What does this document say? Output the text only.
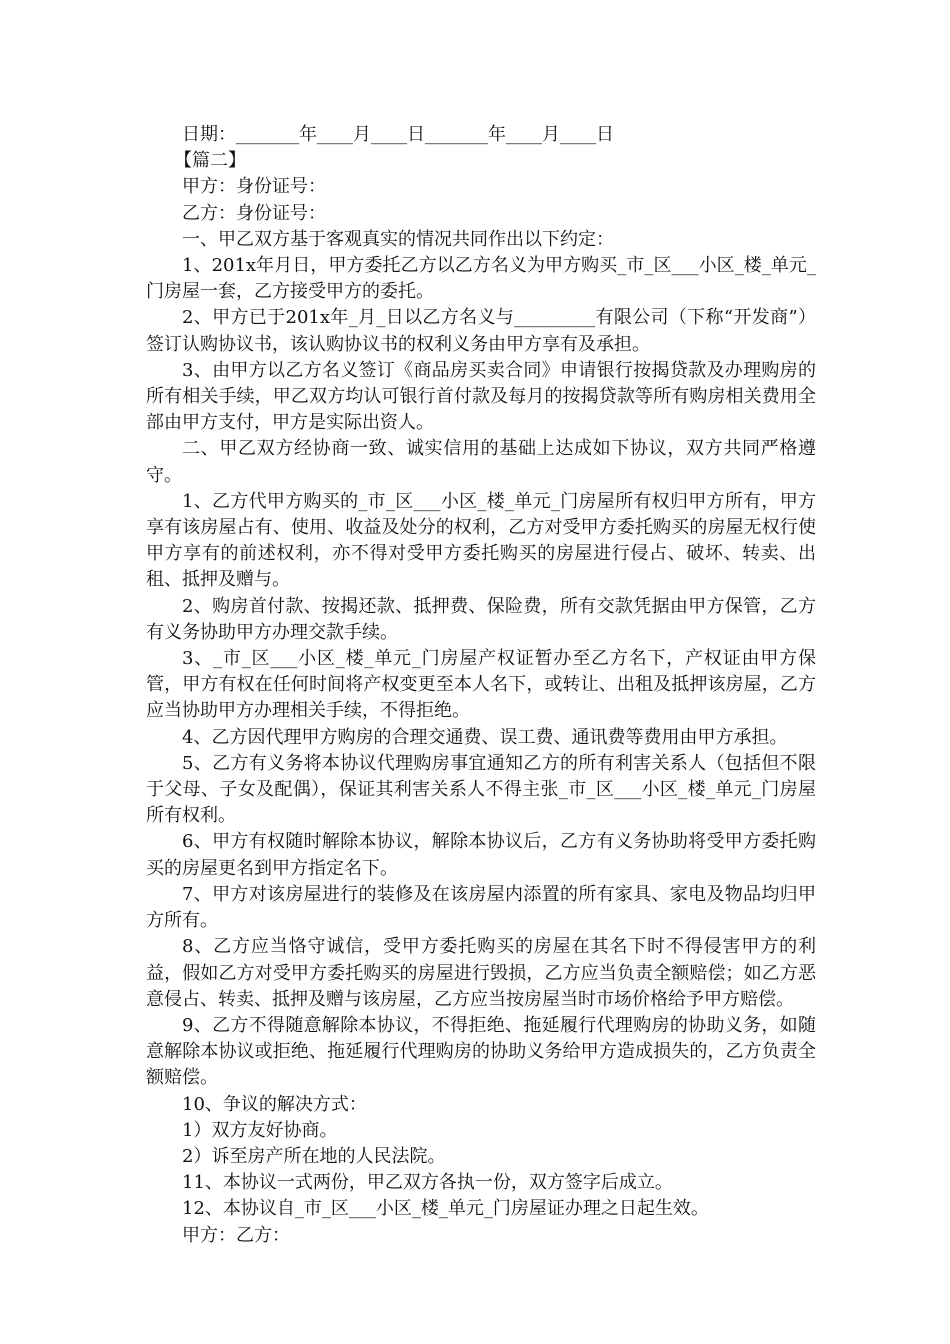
日期：_______年____月____日_______年____月____日

【篇二】

甲方：身份证号：

乙方：身份证号：

一、甲乙双方基于客观真实的情况共同作出以下约定：

1、201x年月日，甲方委托乙方以乙方名义为甲方购买_市_区___小区_楼_单元_门房屋一套，乙方接受甲方的委托。

2、甲方已于201x年_月_日以乙方名义与_________有限公司（下称“开发商”）签订认购协议书，该认购协议书的权利义务由甲方享有及承担。

3、由甲方以乙方名义签订《商品房买卖合同》申请银行按揭贷款及办理购房的所有相关手续，甲乙双方均认可银行首付款及每月的按揭贷款等所有购房相关费用全部由甲方支付，甲方是实际出资人。

二、甲乙双方经协商一致、诚实信用的基础上达成如下协议，双方共同严格遵守。

1、乙方代甲方购买的_市_区___小区_楼_单元_门房屋所有权归甲方所有，甲方享有该房屋占有、使用、收益及处分的权利，乙方对受甲方委托购买的房屋无权行使甲方享有的前述权利，亦不得对受甲方委托购买的房屋进行侵占、破坏、转卖、出租、抵押及赠与。

2、购房首付款、按揭还款、抵押费、保险费，所有交款凭据由甲方保管，乙方有义务协助甲方办理交款手续。

3、_市_区___小区_楼_单元_门房屋产权证暂办至乙方名下，产权证由甲方保管，甲方有权在任何时间将产权变更至本人名下，或转让、出租及抵押该房屋，乙方应当协助甲方办理相关手续，不得拒绝。

4、乙方因代理甲方购房的合理交通费、误工费、通讯费等费用由甲方承担。

5、乙方有义务将本协议代理购房事宜通知乙方的所有利害关系人（包括但不限于父母、子女及配偶），保证其利害关系人不得主张_市_区___小区_楼_单元_门房屋所有权利。

6、甲方有权随时解除本协议，解除本协议后，乙方有义务协助将受甲方委托购买的房屋更名到甲方指定名下。

7、甲方对该房屋进行的装修及在该房屋内添置的所有家具、家电及物品均归甲方所有。

8、乙方应当恪守诚信，受甲方委托购买的房屋在其名下时不得侵害甲方的利益，假如乙方对受甲方委托购买的房屋进行毁损，乙方应当负责全额赔偿；如乙方恶意侵占、转卖、抵押及赠与该房屋，乙方应当按房屋当时市场价格给予甲方赔偿。

9、乙方不得随意解除本协议，不得拒绝、拖延履行代理购房的协助义务，如随意解除本协议或拒绝、拖延履行代理购房的协助义务给甲方造成损失的，乙方负责全额赔偿。

10、争议的解决方式：

1）双方友好协商。

2）诉至房产所在地的人民法院。

11、本协议一式两份，甲乙双方各执一份，双方签字后成立。

12、本协议自_市_区___小区_楼_单元_门房屋证办理之日起生效。

甲方：乙方：
